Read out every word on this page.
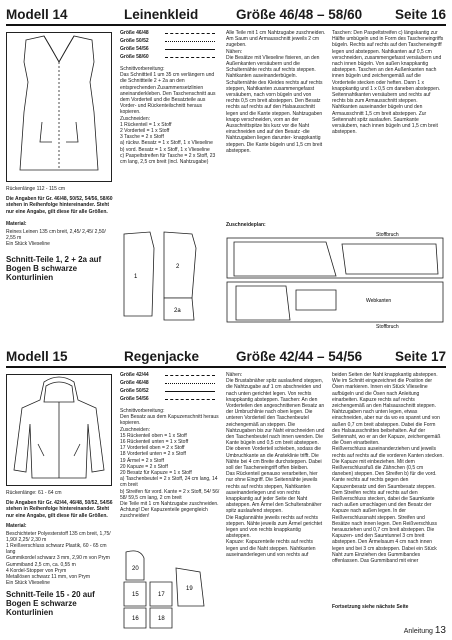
Modell 14	Leinenkleid	Größe 46/48 – 58/60 Seite 16

Rückenlänge 112 - 115 cm

Die Angaben für Gr. 46/48, 50/52, 54/56, 58/60 stehen in Reihenfolge hintereinander. Steht nur eine Angabe, gilt diese für alle Größen.

Material:

Reines Leinen 135 cm breit, 2,45/ 2,45/ 2,50/ 2,55 m
Ein Stück Vlieseline

Schnitt-Teile 1, 2 + 2a auf Bogen B schwarze Konturlinien

Größe 46/48
Größe 50/52
Größe 54/56
Größe 58/60
Schnittvorbereitung:
Das Schnittteil 1 um 35 cm verlängern und die Schnittteile 2 + 2a an den entsprechenden Zusammensetzlinien aneinanderkleben. Den Taschenschnitt aus dem Vorderteil und die Besatzteile aus Vorder- und Rückenteilschnitt heraus kopieren.
Zuschneiden:
1 Rückenteil = 1 x Stoff
2 Vorderteil = 1 x Stoff
3 Tasche = 2 x Stoff
a) rückw. Besatz = 1 x Stoff, 1 x Vlieseline
b) vord. Besatz = 1 x Stoff, 1 x Vlieseline
c) Paspeltstreifen für Tasche = 2 x Stoff, 23 cm lang, 2,5 cm breit (incl. Nahtzugabe)
Alle Teile mit 1 cm Nahtzugabe zuschneiden. Am Saum und Armausschnitt jeweils 2 cm zugeben.
Nähen:
Die Besätze mit Vlieseline fixieren, an den Außenkanten versäubern und die Schulternähte rechts auf rechts steppen. Nahtkanten auseinanderbügeln. Schulternähte des Kleides rechts auf rechts steppen, Nahtkanten zusammengefasst versäubern, nach vorn bügeln und von rechts 0,5 cm breit absteppen. Den Besatz rechts auf rechts auf den Halsausschnitt legen und die Kante steppen. Nahtzugaben knapp verschneiden, vorn an der Ausschnittspitze bis kurz vor die Naht einschneiden und auf den Besatz -die Nahtzugaben liegen darunter- knappkantig steppen. Die Kante bügeln und 1,5 cm breit absteppen.
Taschen: Den Paspeltstreifen c) längskantig zur Hälfte umbügeln und in Form des Tascheneingriffs bügeln. Rechts auf rechts auf den Tascheneingriff legen und absteppen. Nahtkanten auf 0,5 cm verschneiden, zusammengefasst versäubern und nach innen bügeln. Von außen knappkantig absteppen. Taschen an den Außenkanten nach innen bügeln und zeichengemäß auf die Vorderteile stecken oder heften. Dann 1 x knappkantig und 1 x 0,5 cm daneben absteppen. Seitennahtkanten versäubern und rechts auf rechts bis zum Armausschnitt steppen.
Nahtkanten auseinander bügeln und den Armausschnitt 1,5 cm breit absteppen. Zur Seitennaht spitz auslaufen. Saumkante versäubern, nach innen bügeln und 1,5 cm breit absteppen.
1
2
2a
Zuschneideplan:
Stoffbruch
Stoffbruch
Webkanten
Modell 15	Regenjacke	Größe 42/44 – 54/56 Seite 17

Rückenlänge: 61 - 64 cm

Die Angaben für Gr. 42/44, 46/48, 50/52, 54/56 stehen in Reihenfolge hintereinander. Steht nur eine Angabe, gilt diese für alle Größen.

Material:

Beschichteter Polyesterstoff 135 cm breit, 1,75/ 1,90/ 2,25/ 2,30 m
1 Reißverschluss schwarz Plastik, 60 - 65 cm lang
Gummikordel schwarz 3 mm, 2,90 m von Prym
Gummiband 2,5 cm, ca. 0,55 m
4 Kordel-Stopper von Prym
Metallösen schwarz 11 mm, von Prym
Ein Stück Vlieseline

Schnitt-Teile 15 - 20 auf Bogen E schwarze Konturlinien

Größe 42/44
Größe 46/48
Größe 50/52
Größe 54/56
Schnittvorbereitung:
Den Besatz aus dem Kapuzenschnitt heraus kopieren.
Zuschneiden:
15 Rückenteil oben = 1 x Stoff
16 Rückenteil unten = 1 x Stoff
17 Vorderteil oben = 2 x Stoff
18 Vorderteil unten = 2 x Stoff
19 Ärmel = 2 x Stoff
20 Kapuze = 2 x Stoff
20 Besatz für Kapuze = 1 x Stoff
a) Taschenbeutel = 2 x Stoff, 24 cm lang, 14 cm breit
b) Streifen für vord. Kante = 2 x Stoff, 54/ 56/ 58/ 59,5 cm lang, 2 cm breit
Die Teile mit 1 cm Nahtzugabe zuschneiden. Achtung! Der Kapuzenteile gegengleich zuschneiden!
20
15	17
19
16	18
Nähen:
Die Brustabnäher spitz auslaufend steppen, die Nahtzugabe auf 1 cm abschneiden und nach unten gerichtet legen. Von rechts knappkantig absteppen. Taschen: An den Vorderteilen den angeschnittenen Besatz an der Umbruchlinie nach oben legen. Die unteren Vorderteil den Taschenbeutel zeichengemäß an steppen. Die Nahtzugaben bis zur Naht einschneiden und den Taschenbeutel nach innen wenden. Die Kante bügeln und 0,5 cm breit absteppen. Die oberen Vorderteil schieben, sodass die Umbruchkante an die Ansteklinie trifft. Die Nähte bei 4 cm Breite durchsteppen. Dabei soll der Tascheneingriff offen bleiben.
Das Rückenteil genauso verarbeiten, hier nur ohne Eingriff. Die Seitennähte jeweils rechts auf rechts steppen, Nahtkanten auseinanderlegen und von rechts knappkantig auf jeder Seite der Naht absteppen. Am Ärmel den Schulterabnäher spitz auslaufend steppen.
Die Raglannähte jeweils rechts auf rechts steppen. Nähte jeweils zum Ärmel gerichtet legen und von rechts knappkantig absteppen.
Kapuze: Kapuzenteile rechts auf rechts legen und die Naht steppen. Nahtkanten auseinanderlegen und von rechts auf
beiden Seiten der Naht knappkantig absteppen. Wie im Schnitt eingezeichnet die Position der Ösen markieren. Innen ein Stück Vlieseline aufbügeln und die Ösen nach Anleitung einarbeiten. Kapuze rechts auf rechts zeichengemäß an den Halsausschnitt steppen. Nahtzugaben nach unten legen, etwas einschneiden, aber nur da wo es spannt und von außen 0,7 cm breit absteppen. Dabei die Form des Halsausschnittes beibehalten. Auf der Seitennaht, wo er an der Kapuze, zeichengemäß die Ösen einarbeiten.
Reißverschluss auseinanderziehen und jeweils rechts auf rechts auf die vorderen Kanten stecken. Die Kapuze mit einbeziehen. Mit dem Reißverschlussfuß die Zähnchen (0,5 cm daneben) steppen. Den Streifen b) für die vord. Kante rechts auf rechts gegen den Kapuzenbesatz und den Saumbesatz steppen. Dem Streifen rechts auf rechts auf den Reißverschluss stecken, dabei die Saumkante nach außen umschlagen und den Besatz der Kapuze nach außen legen. In der Reißverschlussnaht steppen. Streifen und Besätze nach innen legen. Den Reißverschluss herausziehen und 0,7 cm breit absteppen. Die Kapuzen- und den Saumtunnel 3 cm breit absteppen. Den Ärmelsaum 4 cm nach innen legen und bei 3 cm absteppen. Dabei ein Stück Naht zum Einziehen des Gummibandes offenlassen. Das Gummiband mit einer
Fortsetzung siehe nächste Seite
Anleitung 13
